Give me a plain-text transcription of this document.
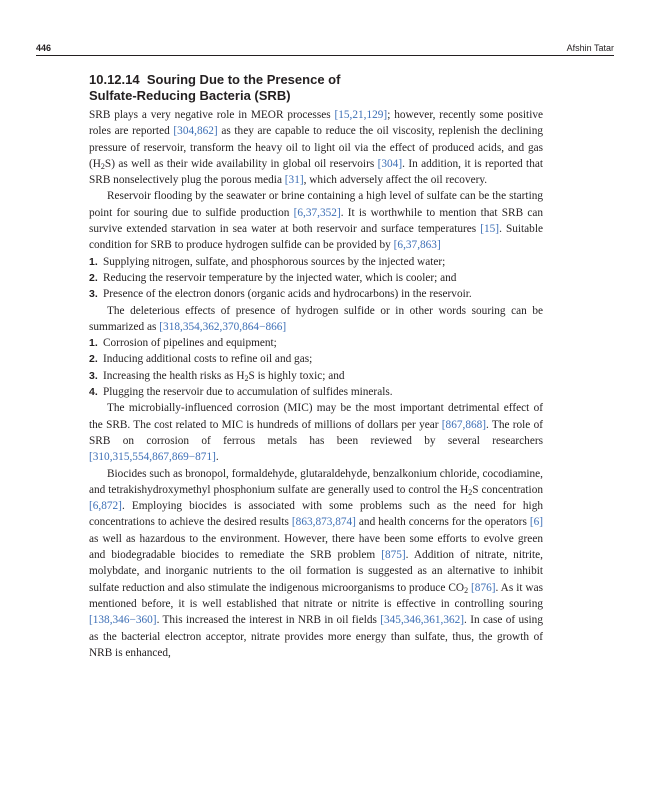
446	Afshin Tatar
10.12.14 Souring Due to the Presence of
Sulfate-Reducing Bacteria (SRB)

SRB plays a very negative role in MEOR processes [15,21,129]; however, recently some positive roles are reported [304,862] as they are capable to reduce the oil viscosity, replenish the declining pressure of reservoir, transform the heavy oil to light oil via the effect of produced acids, and gas $(H_2S)$ as well as their wide availability in global oil reservoirs [304]. In addition, it is reported that SRB nonselectively plug the porous media [31], which adversely affect the oil recovery.

Reservoir flooding by the seawater or brine containing a high level of sulfate can be the starting point for souring due to sulfide production [6,37,352]. It is worthwhile to mention that SRB can survive extended starvation in sea water at both reservoir and surface temperatures [15]. Suitable condition for SRB to produce hydrogen sulfide can be provided by [6,37,863]

1. Supplying nitrogen, sulfate, and phosphorous sources by the injected water;
2. Reducing the reservoir temperature by the injected water, which is cooler; and
3. Presence of the electron donors (organic acids and hydrocarbons) in the reservoir.

The deleterious effects of presence of hydrogen sulfide or in other words souring can be summarized as [318,354,362,370,864−866]

1. Corrosion of pipelines and equipment;
2. Inducing additional costs to refine oil and gas;
3. Increasing the health risks as $H_2S$ is highly toxic; and
4. Plugging the reservoir due to accumulation of sulfides minerals.

The microbially-influenced corrosion (MIC) may be the most important detrimental effect of the SRB. The cost related to MIC is hundreds of millions of dollars per year [867,868]. The role of SRB on corrosion of ferrous metals has been reviewed by several researchers [310,315,554,867,869−871].

Biocides such as bronopol, formaldehyde, glutaraldehyde, benzalkonium chloride, cocodiamine, and tetrakishydroxymethyl phosphonium sulfate are generally used to control the $H_2S$ concentration [6,872]. Employing biocides is associated with some problems such as the need for high concentrations to achieve the desired results [863,873,874] and health concerns for the operators [6] as well as hazardous to the environment. However, there have been some efforts to evolve green and biodegradable biocides to remediate the SRB problem [875]. Addition of nitrate, nitrite, molybdate, and inorganic nutrients to the oil formation is suggested as an alternative to inhibit sulfate reduction and also stimulate the indigenous microorganisms to produce $CO_2$ [876]. As it was mentioned before, it is well established that nitrate or nitrite is effective in controlling souring [138,346−360]. This increased the interest in NRB in oil fields [345,346,361,362]. In case of using as the bacterial electron acceptor, nitrate provides more energy than sulfate, thus, the growth of NRB is enhanced,
